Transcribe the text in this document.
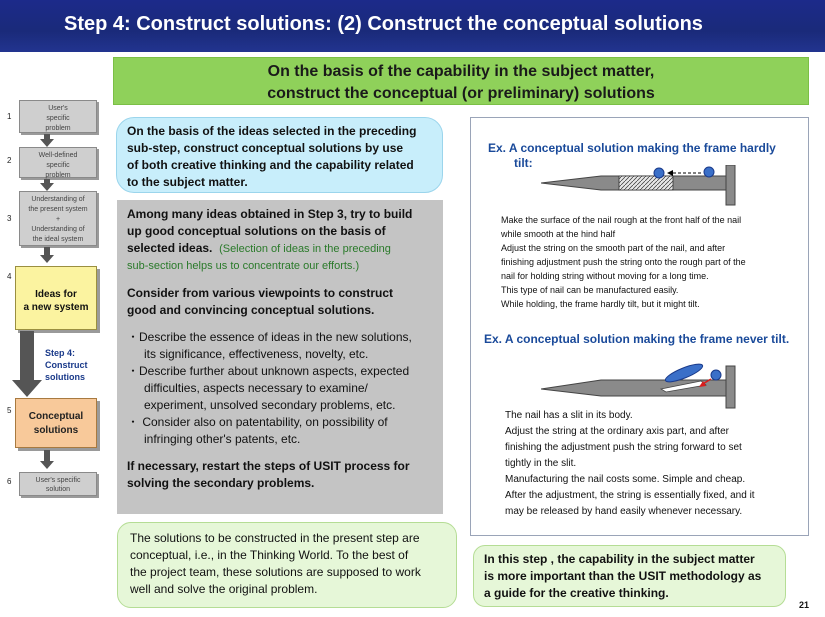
Step 4: Construct solutions: (2) Construct the conceptual solutions
On the basis of the capability in the subject matter,
construct the conceptual (or preliminary) solutions
1
User's
specific
problem
2
Well-defined
specific
problem
3
Understanding of
the present system
+
Understanding of
the ideal system
4
Ideas for
a new system
Step 4:
Construct
solutions
5
Conceptual
solutions
6	User's specific
solution
On the basis of the ideas selected in the preceding
sub-step, construct conceptual solutions by use
of both creative thinking and the capability related
to the subject matter.
Among many ideas obtained in Step 3, try to build
up good conceptual solutions on the basis of
selected ideas. (Selection of ideas in the preceding
sub-section helps us to concentrate our efforts.)
Consider from various viewpoints to construct
good and convincing conceptual solutions.
・Describe the essence of ideas in the new solutions,
its significance, effectiveness, novelty, etc.
・Describe further about unknown aspects, expected
difficulties, aspects necessary to examine/
experiment, unsolved secondary problems, etc.
・ Consider also on patentability, on possibility of
infringing other's patents, etc.
If necessary, restart the steps of USIT process for
solving the secondary problems.
The solutions to be constructed in the present step are
conceptual, i.e., in the Thinking World. To the best of
the project team, these solutions are supposed to work
well and solve the original problem.
Ex. A conceptual solution making the frame hardly
tilt:
Make the surface of the nail rough at the front half of the nail
while smooth at the hind half
Adjust the string on the smooth part of the nail, and after
finishing adjustment push the string onto the rough part of the
nail for holding string without moving for a long time.
This type of nail can be manufactured easily.
While holding, the frame hardly tilt, but it might tilt.
Ex. A conceptual solution making the frame never tilt.
The nail has a slit in its body.
Adjust the string at the ordinary axis part, and after
finishing the adjustment push the string forward to set
tightly in the slit.
Manufacturing the nail costs some. Simple and cheap.
After the adjustment, the string is essentially fixed, and it
may be released by hand easily whenever necessary.
In this step , the capability in the subject matter
is more important than the USIT methodology as
a guide for the creative thinking.
21
